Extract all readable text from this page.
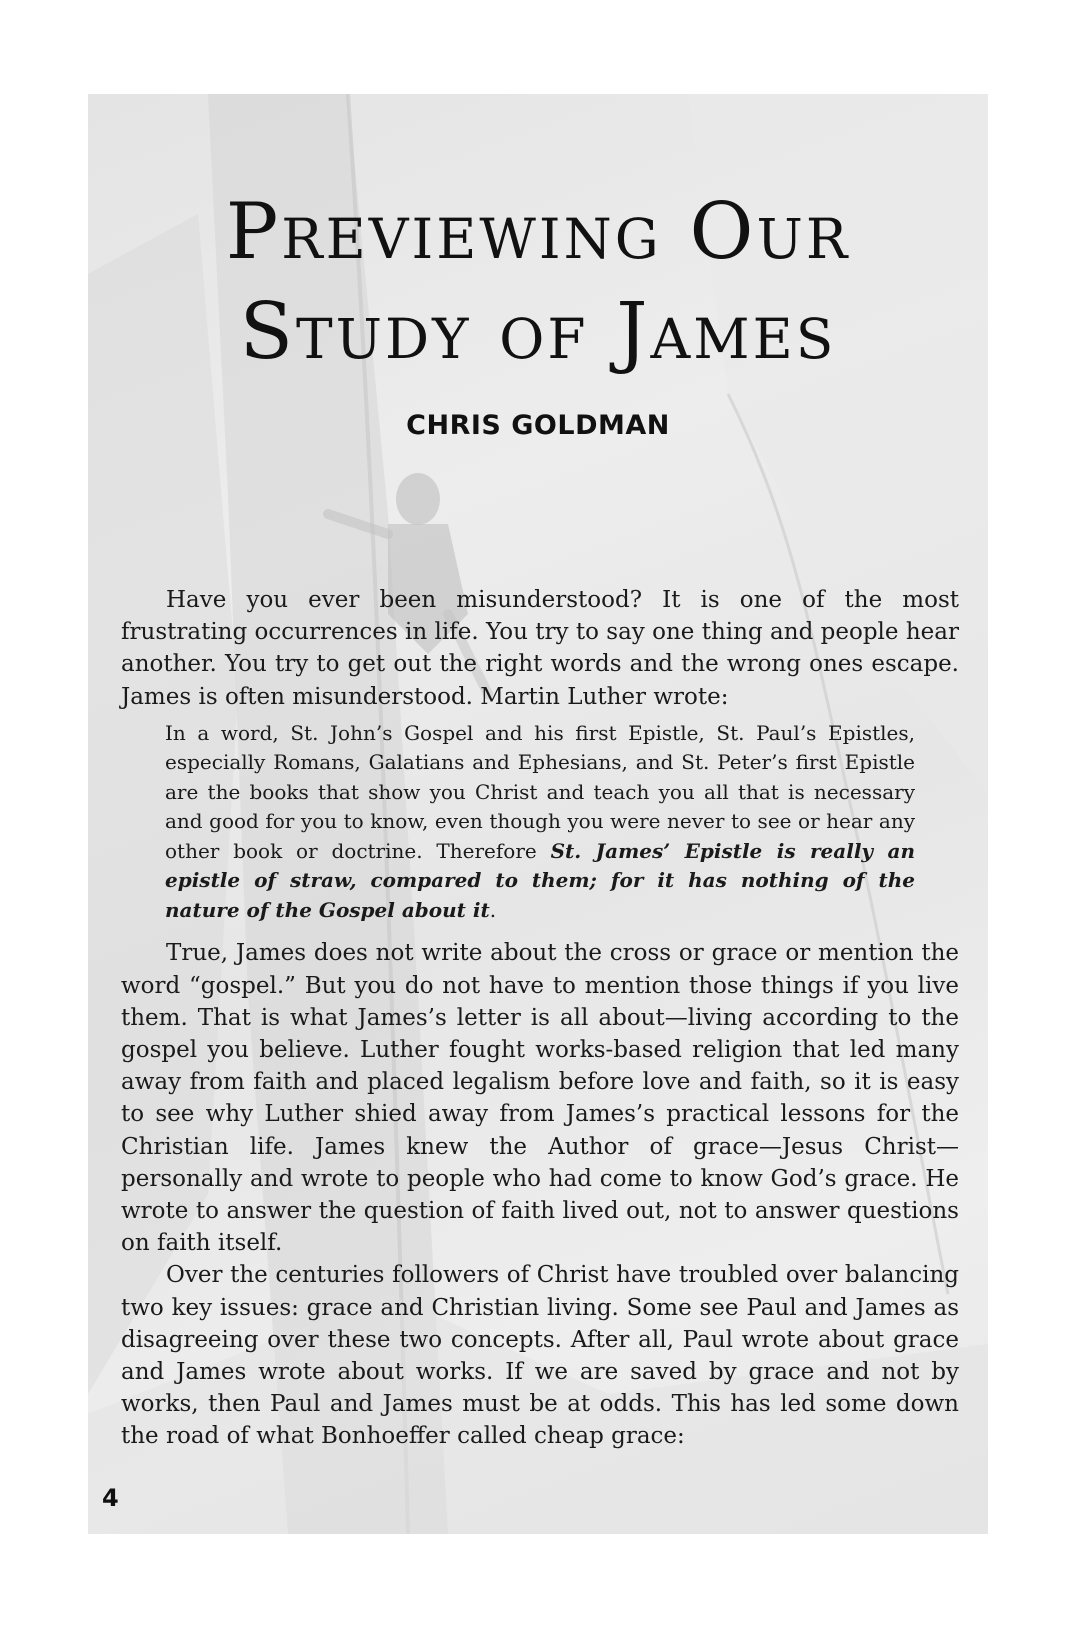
Previewing Our
Study of James
CHRIS GOLDMAN

Have you ever been misunderstood? It is one of the most frustrating occurrences in life. You try to say one thing and people hear another. You try to get out the right words and the wrong ones escape. James is often misunderstood. Martin Luther wrote:

In a word, St. John’s Gospel and his first Epistle, St. Paul’s Epistles, especially Romans, Galatians and Ephesians, and St. Peter’s first Epistle are the books that show you Christ and teach you all that is necessary and good for you to know, even though you were never to see or hear any other book or doctrine. Therefore St. James’ Epistle is really an epistle of straw, compared to them; for it has nothing of the nature of the Gospel about it.

True, James does not write about the cross or grace or mention the word “gospel.” But you do not have to mention those things if you live them. That is what James’s letter is all about—living according to the gospel you believe. Luther fought works-based religion that led many away from faith and placed legalism before love and faith, so it is easy to see why Luther shied away from James’s practical lessons for the Christian life. James knew the Author of grace—Jesus Christ—personally and wrote to people who had come to know God’s grace. He wrote to answer the question of faith lived out, not to answer questions on faith itself.

Over the centuries followers of Christ have troubled over balancing two key issues: grace and Christian living. Some see Paul and James as disagreeing over these two concepts. After all, Paul wrote about grace and James wrote about works. If we are saved by grace and not by works, then Paul and James must be at odds. This has led some down the road of what Bonhoeffer called cheap grace:

4
